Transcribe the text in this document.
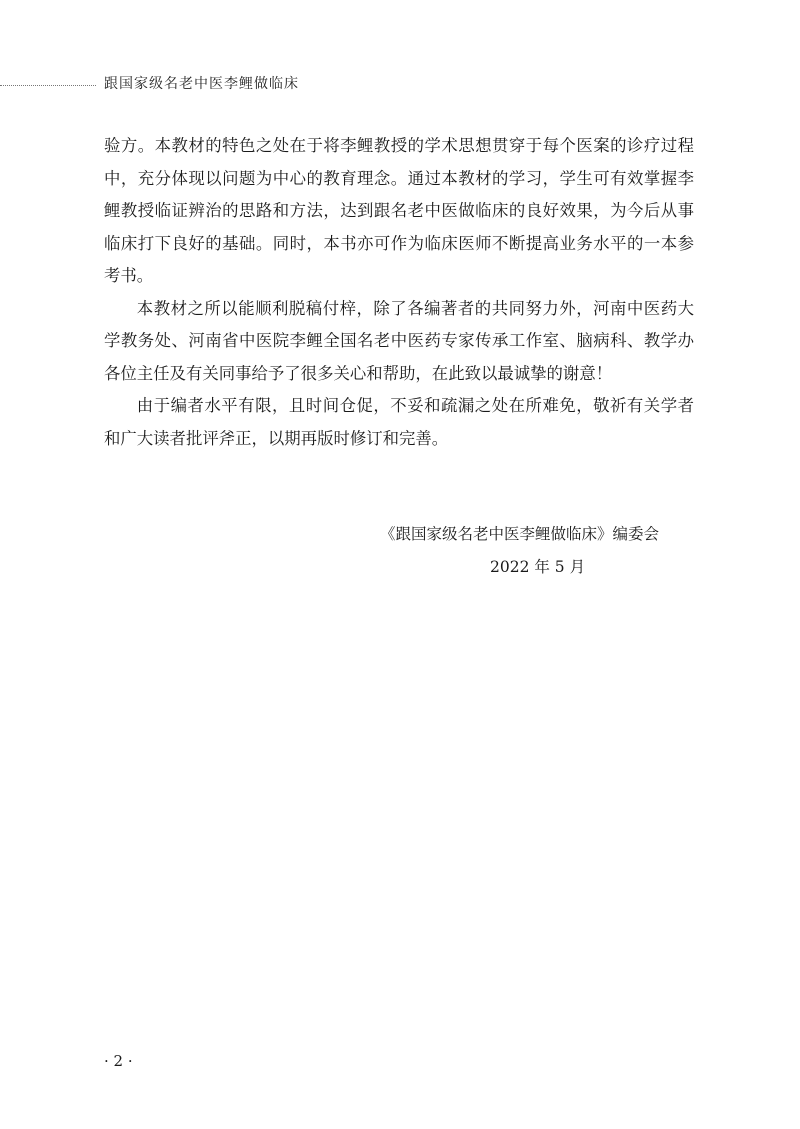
跟国家级名老中医李鲤做临床

验方。本教材的特色之处在于将李鲤教授的学术思想贯穿于每个医案的诊疗过程中，充分体现以问题为中心的教育理念。通过本教材的学习，学生可有效掌握李鲤教授临证辨治的思路和方法，达到跟名老中医做临床的良好效果，为今后从事临床打下良好的基础。同时，本书亦可作为临床医师不断提高业务水平的一本参考书。

本教材之所以能顺利脱稿付梓，除了各编著者的共同努力外，河南中医药大学教务处、河南省中医院李鲤全国名老中医药专家传承工作室、脑病科、教学办各位主任及有关同事给予了很多关心和帮助，在此致以最诚挚的谢意！

由于编者水平有限，且时间仓促，不妥和疏漏之处在所难免，敬祈有关学者和广大读者批评斧正，以期再版时修订和完善。

《跟国家级名老中医李鲤做临床》编委会
2022 年 5 月
· 2 ·
